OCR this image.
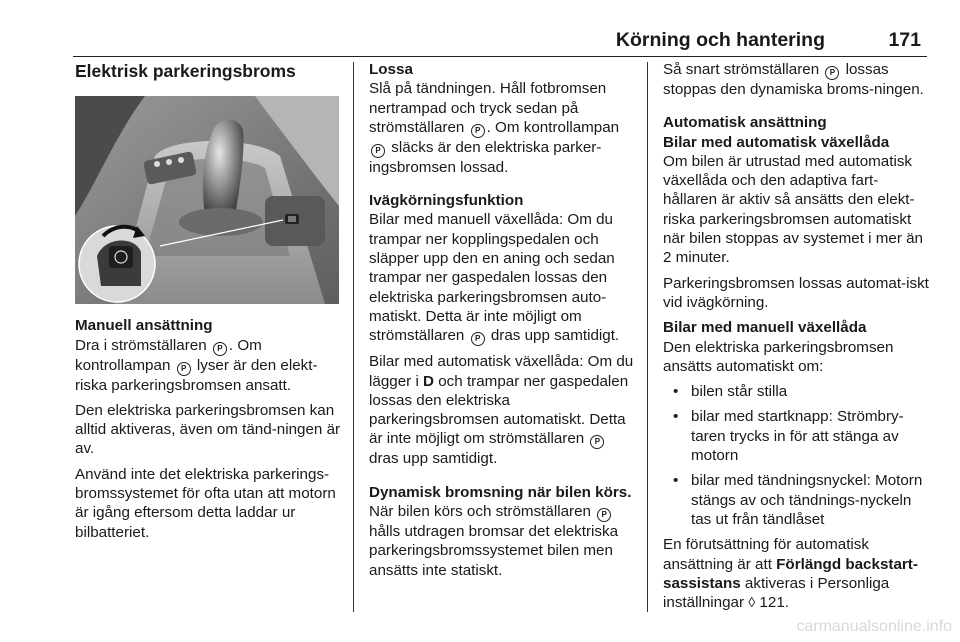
Körning och hantering	171
Elektrisk parkeringsbroms
Manuell ansättning
Dra i strömställaren P . Om kontrollampan P lyser är den elekt-riska parkeringsbromsen ansatt.
Den elektriska parkeringsbromsen kan alltid aktiveras, även om tänd-ningen är av.
Använd inte det elektriska parkerings-bromssystemet för ofta utan att motorn är igång eftersom detta laddar ur bilbatteriet.
Lossa
Slå på tändningen. Håll fotbromsen nertrampad och tryck sedan på strömställaren P . Om kontrollampan P släcks är den elektriska parker-ingsbromsen lossad.
Ivägkörningsfunktion
Bilar med manuell växellåda: Om du trampar ner kopplingspedalen och släpper upp den en aning och sedan trampar ner gaspedalen lossas den elektriska parkeringsbromsen auto-matiskt. Detta är inte möjligt om strömställaren P dras upp samtidigt.
Bilar med automatisk växellåda: Om du lägger i D och trampar ner gaspedalen lossas den elektriska parkeringsbromsen automatiskt. Detta är inte möjligt om strömställaren P dras upp samtidigt.
Dynamisk bromsning när bilen körs.
När bilen körs och strömställaren P hålls utdragen bromsar det elektriska parkeringsbromssystemet bilen men ansätts inte statiskt.
Så snart strömställaren P lossas stoppas den dynamiska broms-ningen.
Automatisk ansättning
Bilar med automatisk växellåda
Om bilen är utrustad med automatisk växellåda och den adaptiva fart-hållaren är aktiv så ansätts den elekt-riska parkeringsbromsen automatiskt när bilen stoppas av systemet i mer än 2 minuter.
Parkeringsbromsen lossas automat-iskt vid ivägkörning.
Bilar med manuell växellåda
Den elektriska parkeringsbromsen ansätts automatiskt om:
• bilen står stilla
• bilar med startknapp: Strömbry-taren trycks in för att stänga av motorn
• bilar med tändningsnyckel: Motorn stängs av och tändnings-nyckeln tas ut från tändlåset
En förutsättning för automatisk ansättning är att Förlängd backstart-sassistans aktiveras i Personliga inställningar ◊ 121.
carmanualsonline.info
